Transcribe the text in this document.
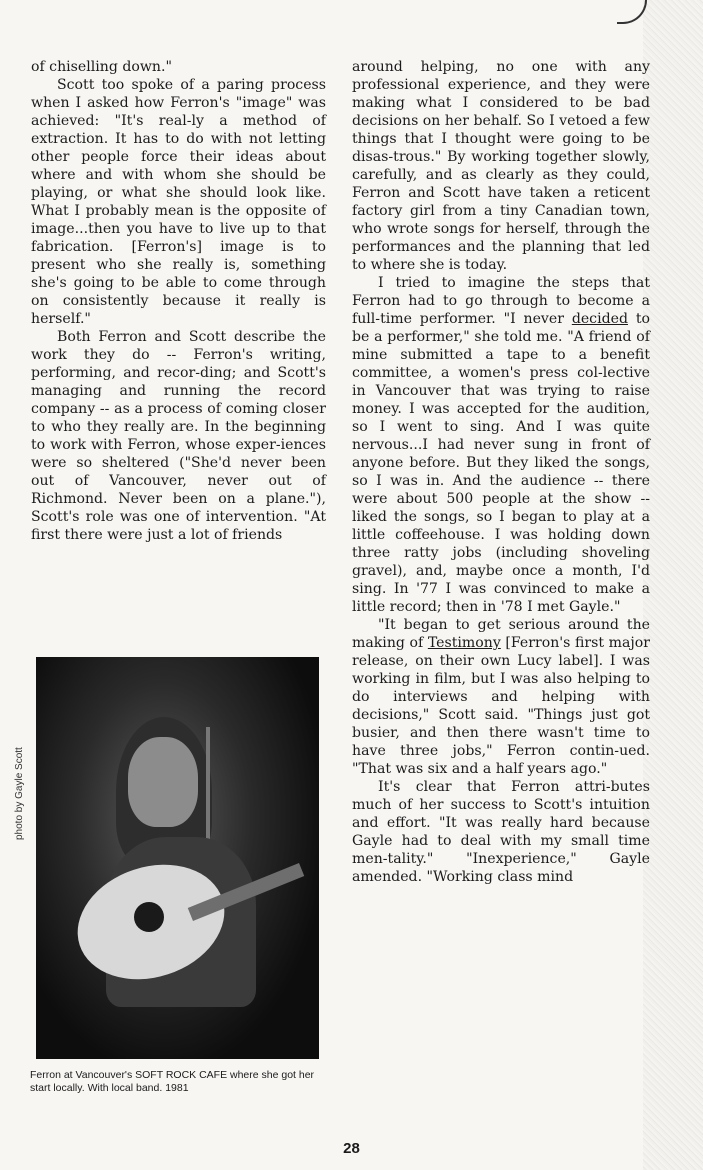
of chiselling down."

Scott too spoke of a paring process when I asked how Ferron's "image" was achieved: "It's real-ly a method of extraction. It has to do with not letting other people force their ideas about where and with whom she should be playing, or what she should look like. What I probably mean is the opposite of image...then you have to live up to that fabrication. [Ferron's] image is to present who she really is, something she's going to be able to come through on consistently because it really is herself."

Both Ferron and Scott describe the work they do -- Ferron's writing, performing, and recor-ding; and Scott's managing and running the record company -- as a process of coming closer to who they really are. In the beginning to work with Ferron, whose exper-iences were so sheltered ("She'd never been out of Vancouver, never out of Richmond. Never been on a plane."), Scott's role was one of intervention. "At first there were just a lot of friends

around helping, no one with any professional experience, and they were making what I considered to be bad decisions on her behalf. So I vetoed a few things that I thought were going to be disas-trous." By working together slowly, carefully, and as clearly as they could, Ferron and Scott have taken a reticent factory girl from a tiny Canadian town, who wrote songs for herself, through the performances and the planning that led to where she is today.

I tried to imagine the steps that Ferron had to go through to become a full-time performer. "I never decided to be a performer," she told me. "A friend of mine submitted a tape to a benefit committee, a women's press col-lective in Vancouver that was trying to raise money. I was accepted for the audition, so I went to sing. And I was quite nervous...I had never sung in front of anyone before. But they liked the songs, so I was in. And the audience -- there were about 500 people at the show -- liked the songs, so I began to play at a little coffeehouse. I was holding down three ratty jobs (including shoveling gravel), and, maybe once a month, I'd sing. In '77 I was convinced to make a little record; then in '78 I met Gayle."

"It began to get serious around the making of Testimony [Ferron's first major release, on their own Lucy label]. I was working in film, but I was also helping to do interviews and helping with decisions," Scott said. "Things just got busier, and then there wasn't time to have three jobs," Ferron contin-ued. "That was six and a half years ago."

It's clear that Ferron attri-butes much of her success to Scott's intuition and effort. "It was really hard because Gayle had to deal with my small time men-tality." "Inexperience," Gayle amended. "Working class mind

photo by Gayle Scott
Ferron at Vancouver's SOFT ROCK CAFE where she got her start locally. With local band. 1981
28
